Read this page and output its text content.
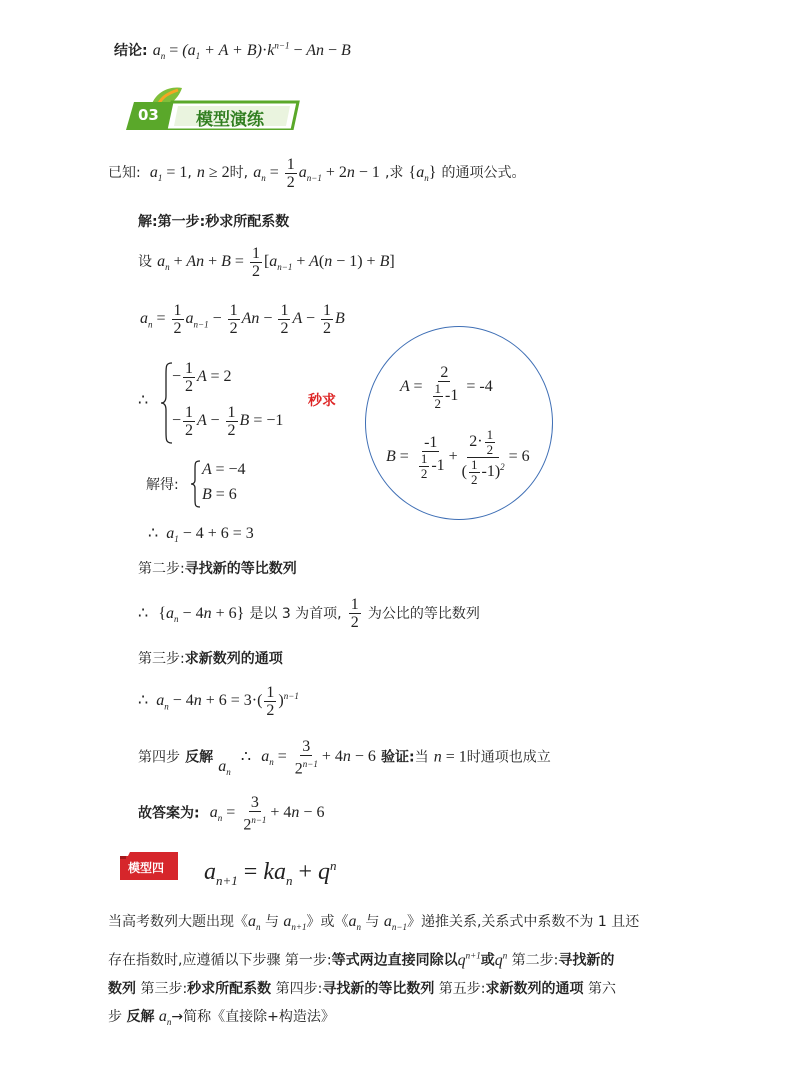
结论: $a_n = (a_1 + A + B)\cdot k^{n-1} - An - B$
03 模型演练
已知:  $a_1 = 1$, n ≥ 2时, $a_n = \frac{1}{2} a_{n-1} + 2n - 1$ ,求 $\{a_n\}$ 的通项公式。
解:第一步:秒求所配系数
设 $a_n + An + B = \frac{1}{2} [a_{n-1} + A(n - 1) + B]$
$a_n = \frac{1}{2} a_{n-1} - \frac{1}{2}$ $An - \frac{1}{2}$ $A - \frac{1}{2}$ B
∴
− $\frac{1}{2}$ A = 2
− $\frac{1}{2}$ $A - \frac{1}{2}$ B = −1
秒求
$A = \frac{2}{\frac{1}{2} -1} = -4$
$B = \frac{-1}{\frac{1}{2} -1} + \frac{2\cdot \frac{1}{2}}{( \frac{1}{2} -1)^2} = 6$
解得:
A = −4
B = 6
∴  $a_1 - 4 + 6 = 3$
第二步:寻找新的等比数列
∴ $\{a_n - 4n + 6\}$ 是以 3 为首项, $\frac{1}{2}$ 为公比的等比数列
第三步:求新数列的通项
∴  $a_n - 4n + 6 = 3\cdot( \frac{1}{2} )^{n-1}$
第四步 反解 $a_n$  ∴ $a_n = \frac{3}{2^{n-1}} + 4n - 6$ 验证:当 n = 1时通项也成立
故答案为: $a_n = \frac{3}{2^{n-1}} + 4n - 6$
模型四 $a_{n+1} = ka_n + q^n$
当高考数列大题出现《$a_n$ 与 $a_{n+1}$》或《$a_n$ 与 $a_{n-1}$》递推关系,关系式中系数不为 1 且还
存在指数时,应遵循以下步骤 第一步:等式两边直接同除以$q^{n+1}$或$q^n$ 第二步:寻找新的
数列 第三步:秒求所配系数 第四步:寻找新的等比数列 第五步:求新数列的通项 第六
步 反解 $a_n\to$简称《直接除+构造法》
